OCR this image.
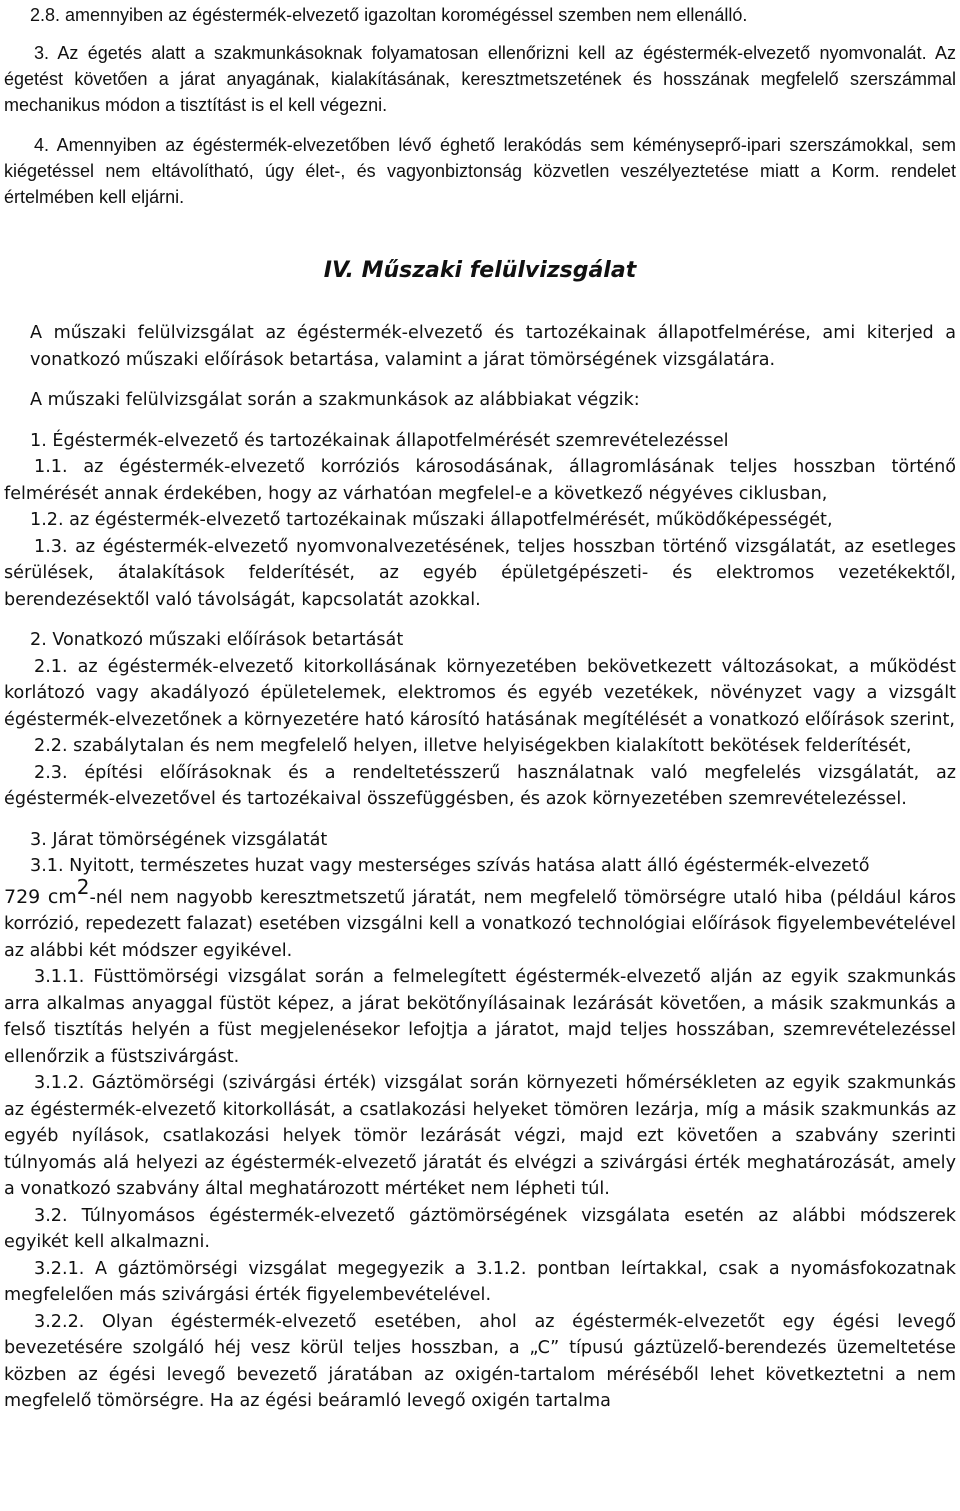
2.8. amennyiben az égéstermék-elvezető igazoltan koromégéssel szemben nem ellenálló.

3. Az égetés alatt a szakmunkásoknak folyamatosan ellenőrizni kell az égéstermék-elvezető nyomvonalát. Az égetést követően a járat anyagának, kialakításának, keresztmetszetének és hosszának megfelelő szerszámmal mechanikus módon a tisztítást is el kell végezni.

4. Amennyiben az égéstermék-elvezetőben lévő éghető lerakódás sem kéményseprő-ipari szerszámokkal, sem kiégetéssel nem eltávolítható, úgy élet-, és vagyonbiztonság közvetlen veszélyeztetése miatt a Korm. rendelet értelmében kell eljárni.

IV. Műszaki felülvizsgálat

A műszaki felülvizsgálat az égéstermék-elvezető és tartozékainak állapotfelmérése, ami kiterjed a vonatkozó műszaki előírások betartása, valamint a járat tömörségének vizsgálatára.

A műszaki felülvizsgálat során a szakmunkások az alábbiakat végzik:

1. Égéstermék-elvezető és tartozékainak állapotfelmérését szemrevételezéssel

1.1. az égéstermék-elvezető korróziós károsodásának, állagromlásának teljes hosszban történő felmérését annak érdekében, hogy az várhatóan megfelel-e a következő négyéves ciklusban,

1.2. az égéstermék-elvezető tartozékainak műszaki állapotfelmérését, működőképességét,

1.3. az égéstermék-elvezető nyomvonalvezetésének, teljes hosszban történő vizsgálatát, az esetleges sérülések, átalakítások felderítését, az egyéb épületgépészeti- és elektromos vezetékektől, berendezésektől való távolságát, kapcsolatát azokkal.

2. Vonatkozó műszaki előírások betartását

2.1. az égéstermék-elvezető kitorkollásának környezetében bekövetkezett változásokat, a működést korlátozó vagy akadályozó épületelemek, elektromos és egyéb vezetékek, növényzet vagy a vizsgált égéstermék-elvezetőnek a környezetére ható károsító hatásának megítélését a vonatkozó előírások szerint,

2.2. szabálytalan és nem megfelelő helyen, illetve helyiségekben kialakított bekötések felderítését,

2.3. építési előírásoknak és a rendeltetésszerű használatnak való megfelelés vizsgálatát, az égéstermék-elvezetővel és tartozékaival összefüggésben, és azok környezetében szemrevételezéssel.

3. Járat tömörségének vizsgálatát

3.1. Nyitott, természetes huzat vagy mesterséges szívás hatása alatt álló égéstermék-elvezető

729 cm2-nél nem nagyobb keresztmetszetű járatát, nem megfelelő tömörségre utaló hiba (például káros korrózió, repedezett falazat) esetében vizsgálni kell a vonatkozó technológiai előírások figyelembevételével az alábbi két módszer egyikével.

3.1.1. Füsttömörségi vizsgálat során a felmelegített égéstermék-elvezető alján az egyik szakmunkás arra alkalmas anyaggal füstöt képez, a járat bekötőnyílásainak lezárását követően, a másik szakmunkás a felső tisztítás helyén a füst megjelenésekor lefojtja a járatot, majd teljes hosszában, szemrevételezéssel ellenőrzik a füstszivárgást.

3.1.2. Gáztömörségi (szivárgási érték) vizsgálat során környezeti hőmérsékleten az egyik szakmunkás az égéstermék-elvezető kitorkollását, a csatlakozási helyeket tömören lezárja, míg a másik szakmunkás az egyéb nyílások, csatlakozási helyek tömör lezárását végzi, majd ezt követően a szabvány szerinti túlnyomás alá helyezi az égéstermék-elvezető járatát és elvégzi a szivárgási érték meghatározását, amely a vonatkozó szabvány által meghatározott mértéket nem lépheti túl.

3.2. Túlnyomásos égéstermék-elvezető gáztömörségének vizsgálata esetén az alábbi módszerek egyikét kell alkalmazni.

3.2.1. A gáztömörségi vizsgálat megegyezik a 3.1.2. pontban leírtakkal, csak a nyomásfokozatnak megfelelően más szivárgási érték figyelembevételével.

3.2.2. Olyan égéstermék-elvezető esetében, ahol az égéstermék-elvezetőt egy égési levegő bevezetésére szolgáló héj vesz körül teljes hosszban, a „C” típusú gáztüzelő-berendezés üzemeltetése közben az égési levegő bevezető járatában az oxigén-tartalom méréséből lehet következtetni a nem megfelelő tömörségre. Ha az égési beáramló levegő oxigén tartalma
